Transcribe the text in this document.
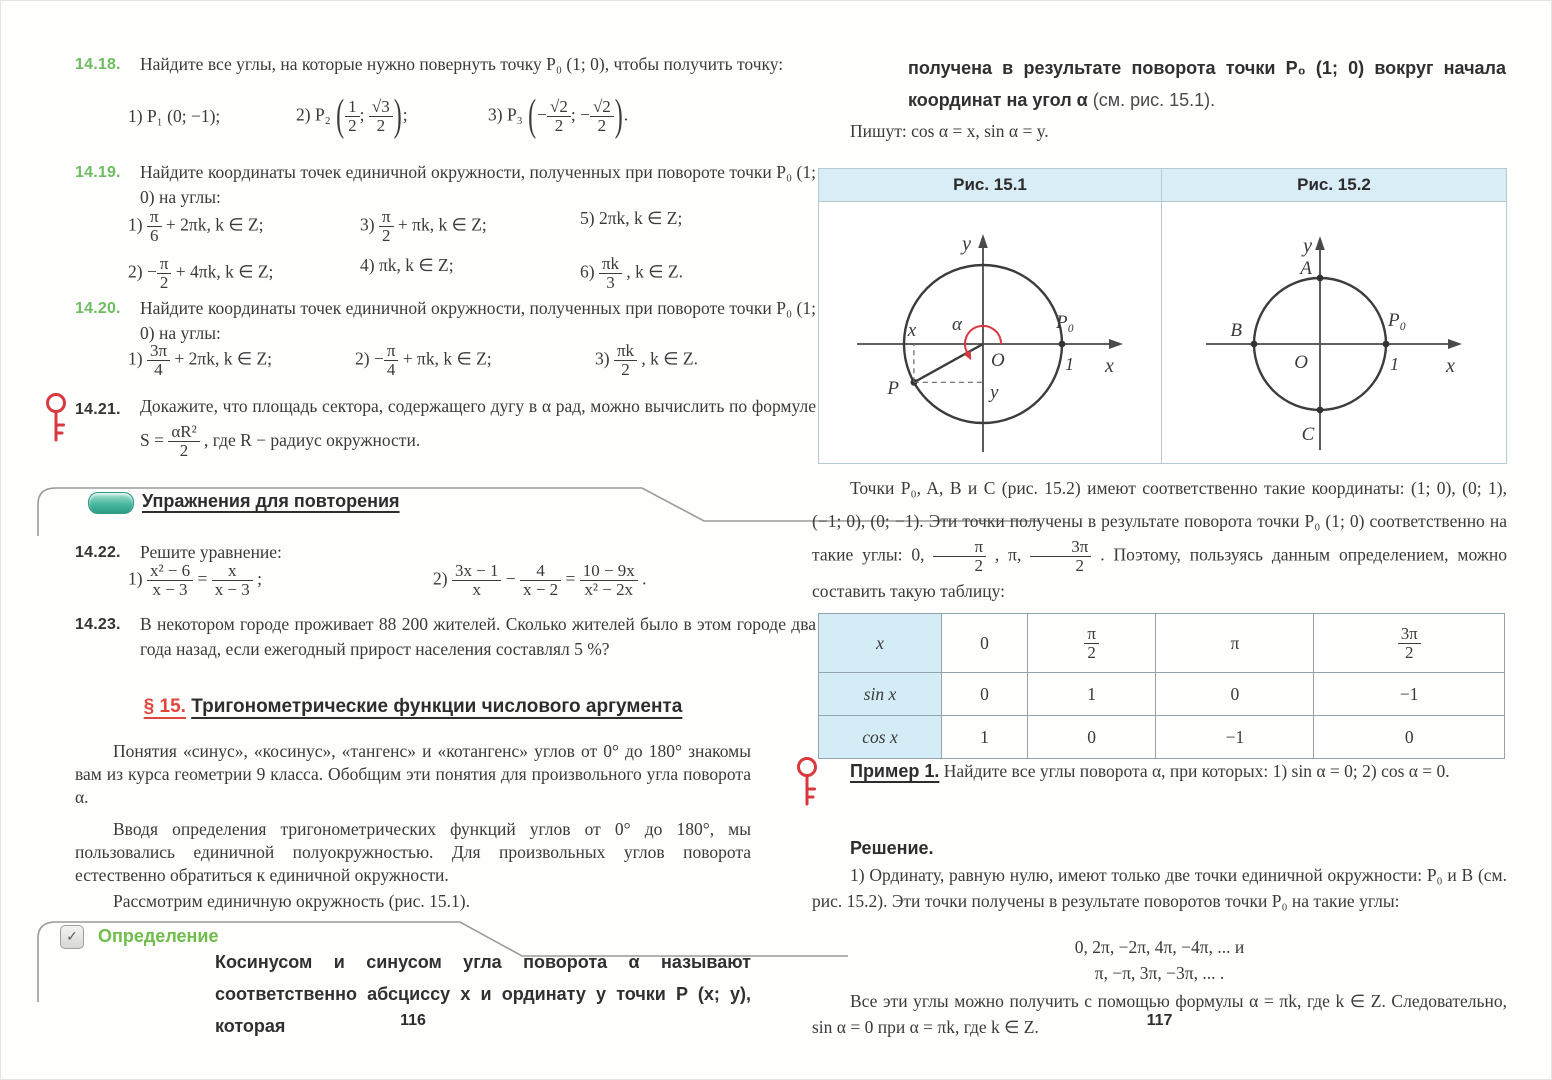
14.18. Найдите все углы, на которые нужно повернуть точку P₀ (1; 0), чтобы получить точку:
1) P₁ (0; −1);	2) P₂ ( $\frac{1}{2}$ ; $\frac{√3}{2}$ );	3) P₃ (− $\frac{√2}{2}$ ; − $\frac{√2}{2}$ ).
14.19. Найдите координаты точек единичной окружности, полученных при повороте точки P₀ (1; 0) на углы:
$1) \frac{\pi}{6} + 2\pi k$, k ∈ Z;	$3) \frac{\pi}{2} + \pi k$, k ∈ Z;	5) 2πk, k ∈ Z;
$2) - \frac{\pi}{2} + 4\pi k$, k ∈ Z;	4) πk, k ∈ Z;	$6) \frac{\pi k}{3}$ , k ∈ Z.
14.20. Найдите координаты точек единичной окружности, полученных при повороте точки P₀ (1; 0) на углы:
$1) \frac{3\pi}{4} + 2\pi k$, k ∈ Z;	$2) - \frac{\pi}{4} + \pi k$, k ∈ Z;	$3) \frac{\pi k}{2}$ , k ∈ Z.
14.21. Докажите, что площадь сектора, содержащего дугу в α рад, можно вычислить по формуле $S = \frac{\text{αR²}}{2}$ , где R − радиус окружности.
Упражнения для повторения
14.22. Решите уравнение:
$1) \frac{\text{x² − 6}}{x - 3} = \frac{x}{x - 3}$ ;	$2) \frac{3x - 1}{x} - \frac{4}{x - 2} = \frac{10 - 9x}{\text{x² − 2x}}$ .
14.23. В некотором городе проживает 88 200 жителей. Сколько жителей было в этом городе два года назад, если ежегодный прирост населения составлял 5 %?
§ 15. Тригонометрические функции числового аргумента
Понятия «синус», «косинус», «тангенс» и «котангенс» углов от 0° до 180° знакомы вам из курса геометрии 9 класса. Обобщим эти понятия для произвольного угла поворота α.
Вводя определения тригонометрических функций углов от 0° до 180°, мы пользовались единичной полуокружностью. Для произвольных углов поворота естественно обратиться к единичной окружности.
Рассмотрим единичную окружность (рис. 15.1).
✓ Определение
Косинусом и синусом угла поворота α называют соответственно абсциссу x и ординату y точки P (x; y), которая	116
получена в результате поворота точки P₀ (1; 0) вокруг начала координат на угол α (см. рис. 15.1).
Пишут: cos α = x, sin α = y.
Рис. 15.1
α
y
x
O
x
y
P
P₀
1
Рис. 15.2
y
x
O
A
B
C
P₀
1
Точки P₀, A, B и C (рис. 15.2) имеют соответственно такие координаты: (1; 0), (0; 1), (−1; 0), (0; −1). Эти точки получены в результате поворота точки P₀ (1; 0) соответственно на такие углы: 0, $\frac{\pi}{2}$ , π, $\frac{3\pi}{2}$ . Поэтому, пользуясь данным определением, можно составить такую таблицу:
x	0	$\frac{\pi}{2}$	π	$\frac{3\pi}{2}$

sin x	0	1	0	−1
cos x	1	0	−1	0
Пример 1. Найдите все углы поворота α, при которых: 1) sin α = 0; 2) cos α = 0.
Решение.
1) Ординату, равную нулю, имеют только две точки единичной окружности: P₀ и B (см. рис. 15.2). Эти точки получены в результате поворотов точки P₀ на такие углы:
0, 2π, −2π, 4π, −4π, ... и
π, −π, 3π, −3π, ... .
Все эти углы можно получить с помощью формулы α = πk, где k ∈ Z. Следовательно, sin α = 0 при α = πk, где k ∈ Z.	117
